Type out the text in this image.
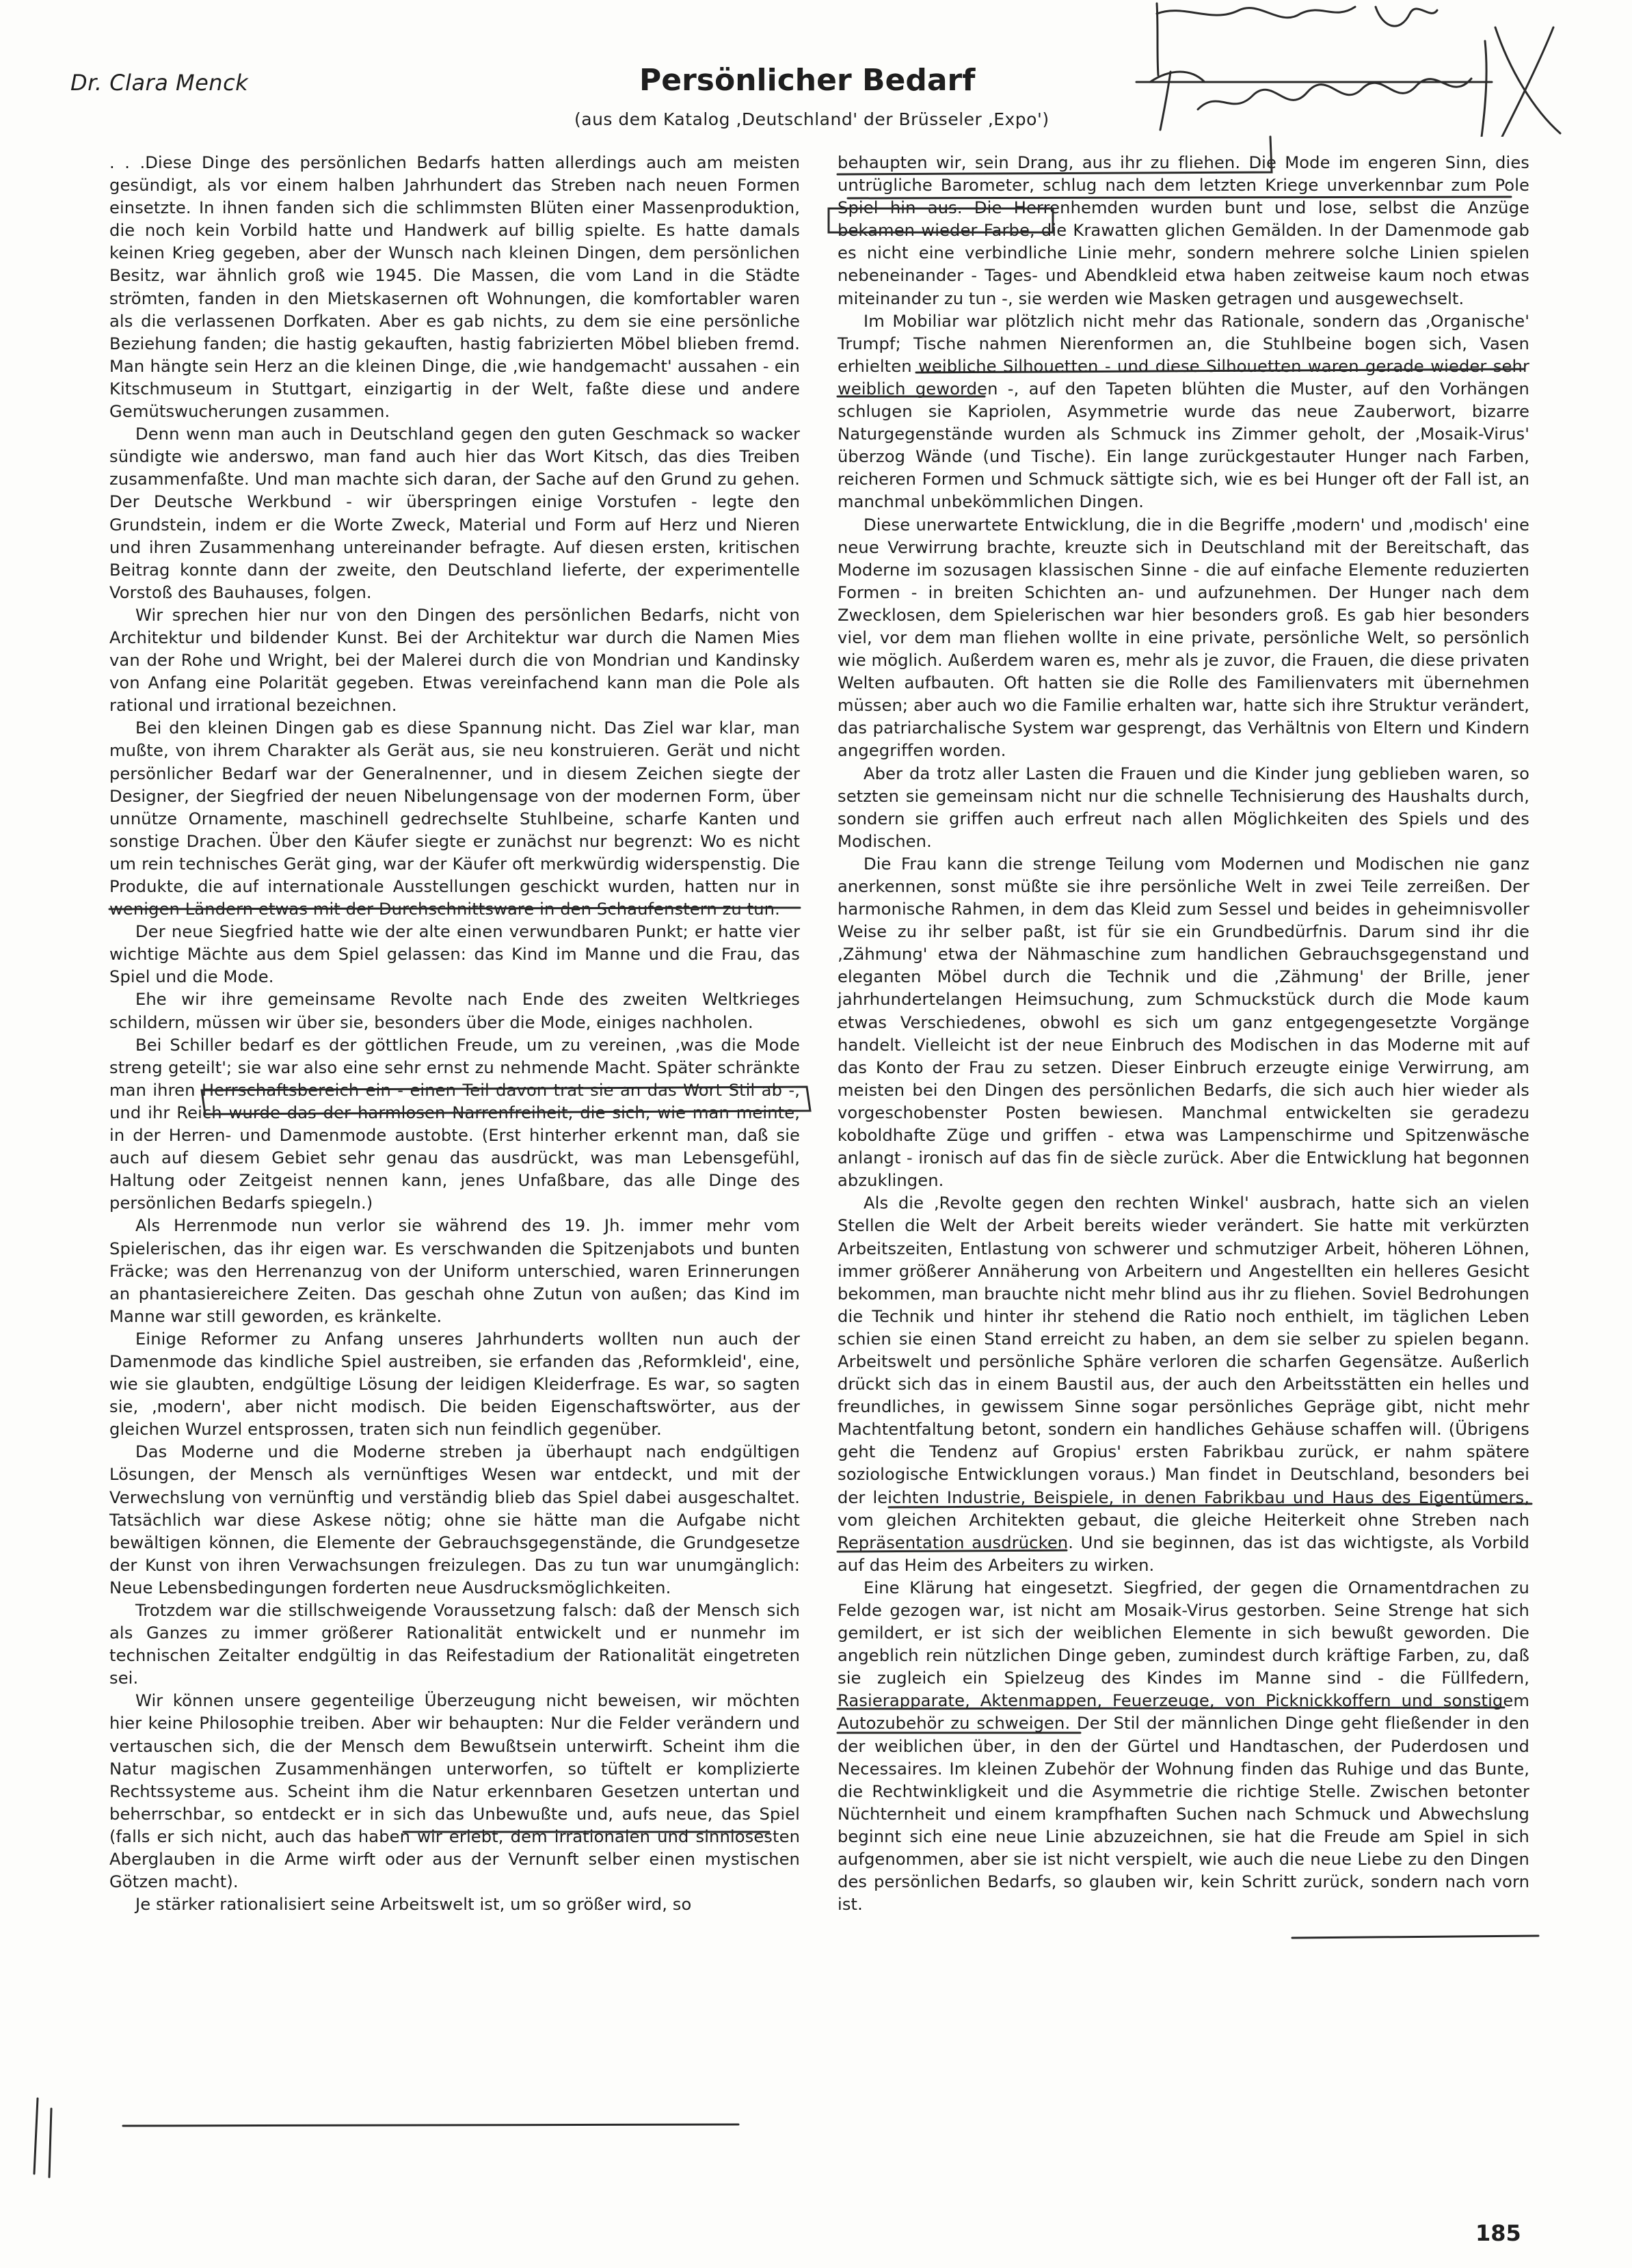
Dr. Clara Menck	Persönlicher Bedarf
(aus dem Katalog ‚Deutschland' der Brüsseler ‚Expo')

. . .Diese Dinge des persönlichen Bedarfs hatten allerdings auch am meisten gesündigt, als vor einem halben Jahrhundert das Streben nach neuen Formen einsetzte. In ihnen fanden sich die schlimmsten Blüten einer Massenproduktion, die noch kein Vorbild hatte und Handwerk auf billig spielte. Es hatte damals keinen Krieg gegeben, aber der Wunsch nach kleinen Dingen, dem persönlichen Besitz, war ähnlich groß wie 1945. Die Massen, die vom Land in die Städte strömten, fanden in den Mietskasernen oft Wohnungen, die komfortabler waren als die verlassenen Dorfkaten. Aber es gab nichts, zu dem sie eine persönliche Beziehung fanden; die hastig gekauften, hastig fabrizierten Möbel blieben fremd. Man hängte sein Herz an die kleinen Dinge, die ‚wie handgemacht' aussahen - ein Kitschmuseum in Stuttgart, einzigartig in der Welt, faßte diese und andere Gemütswucherungen zusammen.

Denn wenn man auch in Deutschland gegen den guten Geschmack so wacker sündigte wie anderswo, man fand auch hier das Wort Kitsch, das dies Treiben zusammenfaßte. Und man machte sich daran, der Sache auf den Grund zu gehen. Der Deutsche Werkbund - wir überspringen einige Vorstufen - legte den Grundstein, indem er die Worte Zweck, Material und Form auf Herz und Nieren und ihren Zusammenhang untereinander befragte. Auf diesen ersten, kritischen Beitrag konnte dann der zweite, den Deutschland lieferte, der experimentelle Vorstoß des Bauhauses, folgen.

Wir sprechen hier nur von den Dingen des persönlichen Bedarfs, nicht von Architektur und bildender Kunst. Bei der Architektur war durch die Namen Mies van der Rohe und Wright, bei der Malerei durch die von Mondrian und Kandinsky von Anfang eine Polarität gegeben. Etwas vereinfachend kann man die Pole als rational und irrational bezeichnen.

Bei den kleinen Dingen gab es diese Spannung nicht. Das Ziel war klar, man mußte, von ihrem Charakter als Gerät aus, sie neu konstruieren. Gerät und nicht persönlicher Bedarf war der Generalnenner, und in diesem Zeichen siegte der Designer, der Siegfried der neuen Nibelungensage von der modernen Form, über unnütze Ornamente, maschinell gedrechselte Stuhlbeine, scharfe Kanten und sonstige Drachen. Über den Käufer siegte er zunächst nur begrenzt: Wo es nicht um rein technisches Gerät ging, war der Käufer oft merkwürdig widerspenstig. Die Produkte, die auf internationale Ausstellungen geschickt wurden, hatten nur in wenigen Ländern etwas mit der Durchschnittsware in den Schaufenstern zu tun.

Der neue Siegfried hatte wie der alte einen verwundbaren Punkt; er hatte vier wichtige Mächte aus dem Spiel gelassen: das Kind im Manne und die Frau, das Spiel und die Mode.

Ehe wir ihre gemeinsame Revolte nach Ende des zweiten Weltkrieges schildern, müssen wir über sie, besonders über die Mode, einiges nachholen.

Bei Schiller bedarf es der göttlichen Freude, um zu vereinen, ‚was die Mode streng geteilt'; sie war also eine sehr ernst zu nehmende Macht. Später schränkte man ihren Herrschaftsbereich ein - einen Teil davon trat sie an das Wort Stil ab -, und ihr Reich wurde das der harmlosen Narrenfreiheit, die sich, wie man meinte, in der Herren- und Damenmode austobte. (Erst hinterher erkennt man, daß sie auch auf diesem Gebiet sehr genau das ausdrückt, was man Lebensgefühl, Haltung oder Zeitgeist nennen kann, jenes Unfaßbare, das alle Dinge des persönlichen Bedarfs spiegeln.)

Als Herrenmode nun verlor sie während des 19. Jh. immer mehr vom Spielerischen, das ihr eigen war. Es verschwanden die Spitzenjabots und bunten Fräcke; was den Herrenanzug von der Uniform unterschied, waren Erinnerungen an phantasiereichere Zeiten. Das geschah ohne Zutun von außen; das Kind im Manne war still geworden, es kränkelte.

Einige Reformer zu Anfang unseres Jahrhunderts wollten nun auch der Damenmode das kindliche Spiel austreiben, sie erfanden das ‚Reformkleid', eine, wie sie glaubten, endgültige Lösung der leidigen Kleiderfrage. Es war, so sagten sie, ‚modern', aber nicht modisch. Die beiden Eigenschaftswörter, aus der gleichen Wurzel entsprossen, traten sich nun feindlich gegenüber.

Das Moderne und die Moderne streben ja überhaupt nach endgültigen Lösungen, der Mensch als vernünftiges Wesen war entdeckt, und mit der Verwechslung von vernünftig und verständig blieb das Spiel dabei ausgeschaltet. Tatsächlich war diese Askese nötig; ohne sie hätte man die Aufgabe nicht bewältigen können, die Elemente der Gebrauchsgegenstände, die Grundgesetze der Kunst von ihren Verwachsungen freizulegen. Das zu tun war unumgänglich: Neue Lebensbedingungen forderten neue Ausdrucksmöglichkeiten.

Trotzdem war die stillschweigende Voraussetzung falsch: daß der Mensch sich als Ganzes zu immer größerer Rationalität entwickelt und er nunmehr im technischen Zeitalter endgültig in das Reifestadium der Rationalität eingetreten sei.

Wir können unsere gegenteilige Überzeugung nicht beweisen, wir möchten hier keine Philosophie treiben. Aber wir behaupten: Nur die Felder verändern und vertauschen sich, die der Mensch dem Bewußtsein unterwirft. Scheint ihm die Natur magischen Zusammenhängen unterworfen, so tüftelt er komplizierte Rechtssysteme aus. Scheint ihm die Natur erkennbaren Gesetzen untertan und beherrschbar, so entdeckt er in sich das Unbewußte und, aufs neue, das Spiel (falls er sich nicht, auch das haben wir erlebt, dem irrationalen und sinnlosesten Aberglauben in die Arme wirft oder aus der Vernunft selber einen mystischen Götzen macht).

Je stärker rationalisiert seine Arbeitswelt ist, um so größer wird, so

behaupten wir, sein Drang, aus ihr zu fliehen. Die Mode im engeren Sinn, dies untrügliche Barometer, schlug nach dem letzten Kriege unverkennbar zum Pole Spiel hin aus. Die Herrenhemden wurden bunt und lose, selbst die Anzüge bekamen wieder Farbe, die Krawatten glichen Gemälden. In der Damenmode gab es nicht eine verbindliche Linie mehr, sondern mehrere solche Linien spielen nebeneinander - Tages- und Abendkleid etwa haben zeitweise kaum noch etwas miteinander zu tun -, sie werden wie Masken getragen und ausgewechselt.

Im Mobiliar war plötzlich nicht mehr das Rationale, sondern das ‚Organische' Trumpf; Tische nahmen Nierenformen an, die Stuhlbeine bogen sich, Vasen erhielten weibliche Silhouetten - und diese Silhouetten waren gerade wieder sehr weiblich geworden -, auf den Tapeten blühten die Muster, auf den Vorhängen schlugen sie Kapriolen, Asymmetrie wurde das neue Zauberwort, bizarre Naturgegenstände wurden als Schmuck ins Zimmer geholt, der ‚Mosaik-Virus' überzog Wände (und Tische). Ein lange zurückgestauter Hunger nach Farben, reicheren Formen und Schmuck sättigte sich, wie es bei Hunger oft der Fall ist, an manchmal unbekömmlichen Dingen.

Diese unerwartete Entwicklung, die in die Begriffe ‚modern' und ‚modisch' eine neue Verwirrung brachte, kreuzte sich in Deutschland mit der Bereitschaft, das Moderne im sozusagen klassischen Sinne - die auf einfache Elemente reduzierten Formen - in breiten Schichten an- und aufzunehmen. Der Hunger nach dem Zwecklosen, dem Spielerischen war hier besonders groß. Es gab hier besonders viel, vor dem man fliehen wollte in eine private, persönliche Welt, so persönlich wie möglich. Außerdem waren es, mehr als je zuvor, die Frauen, die diese privaten Welten aufbauten. Oft hatten sie die Rolle des Familienvaters mit übernehmen müssen; aber auch wo die Familie erhalten war, hatte sich ihre Struktur verändert, das patriarchalische System war gesprengt, das Verhältnis von Eltern und Kindern angegriffen worden.

Aber da trotz aller Lasten die Frauen und die Kinder jung geblieben waren, so setzten sie gemeinsam nicht nur die schnelle Technisierung des Haushalts durch, sondern sie griffen auch erfreut nach allen Möglichkeiten des Spiels und des Modischen.

Die Frau kann die strenge Teilung vom Modernen und Modischen nie ganz anerkennen, sonst müßte sie ihre persönliche Welt in zwei Teile zerreißen. Der harmonische Rahmen, in dem das Kleid zum Sessel und beides in geheimnisvoller Weise zu ihr selber paßt, ist für sie ein Grundbedürfnis. Darum sind ihr die ‚Zähmung' etwa der Nähmaschine zum handlichen Gebrauchsgegenstand und eleganten Möbel durch die Technik und die ‚Zähmung' der Brille, jener jahrhundertelangen Heimsuchung, zum Schmuckstück durch die Mode kaum etwas Verschiedenes, obwohl es sich um ganz entgegengesetzte Vorgänge handelt. Vielleicht ist der neue Einbruch des Modischen in das Moderne mit auf das Konto der Frau zu setzen. Dieser Einbruch erzeugte einige Verwirrung, am meisten bei den Dingen des persönlichen Bedarfs, die sich auch hier wieder als vorgeschobenster Posten bewiesen. Manchmal entwickelten sie geradezu koboldhafte Züge und griffen - etwa was Lampenschirme und Spitzenwäsche anlangt - ironisch auf das fin de siècle zurück. Aber die Entwicklung hat begonnen abzuklingen.

Als die ‚Revolte gegen den rechten Winkel' ausbrach, hatte sich an vielen Stellen die Welt der Arbeit bereits wieder verändert. Sie hatte mit verkürzten Arbeitszeiten, Entlastung von schwerer und schmutziger Arbeit, höheren Löhnen, immer größerer Annäherung von Arbeitern und Angestellten ein helleres Gesicht bekommen, man brauchte nicht mehr blind aus ihr zu fliehen. Soviel Bedrohungen die Technik und hinter ihr stehend die Ratio noch enthielt, im täglichen Leben schien sie einen Stand erreicht zu haben, an dem sie selber zu spielen begann. Arbeitswelt und persönliche Sphäre verloren die scharfen Gegensätze. Außerlich drückt sich das in einem Baustil aus, der auch den Arbeitsstätten ein helles und freundliches, in gewissem Sinne sogar persönliches Gepräge gibt, nicht mehr Machtentfaltung betont, sondern ein handliches Gehäuse schaffen will. (Übrigens geht die Tendenz auf Gropius' ersten Fabrikbau zurück, er nahm spätere soziologische Entwicklungen voraus.) Man findet in Deutschland, besonders bei der leichten Industrie, Beispiele, in denen Fabrikbau und Haus des Eigentümers, vom gleichen Architekten gebaut, die gleiche Heiterkeit ohne Streben nach Repräsentation ausdrücken. Und sie beginnen, das ist das wichtigste, als Vorbild auf das Heim des Arbeiters zu wirken.

Eine Klärung hat eingesetzt. Siegfried, der gegen die Ornamentdrachen zu Felde gezogen war, ist nicht am Mosaik-Virus gestorben. Seine Strenge hat sich gemildert, er ist sich der weiblichen Elemente in sich bewußt geworden. Die angeblich rein nützlichen Dinge geben, zumindest durch kräftige Farben, zu, daß sie zugleich ein Spielzeug des Kindes im Manne sind - die Füllfedern, Rasierapparate, Aktenmappen, Feuerzeuge, von Picknickkoffern und sonstigem Autozubehör zu schweigen. Der Stil der männlichen Dinge geht fließender in den der weiblichen über, in den der Gürtel und Handtaschen, der Puderdosen und Necessaires. Im kleinen Zubehör der Wohnung finden das Ruhige und das Bunte, die Rechtwinkligkeit und die Asymmetrie die richtige Stelle. Zwischen betonter Nüchternheit und einem krampfhaften Suchen nach Schmuck und Abwechslung beginnt sich eine neue Linie abzuzeichnen, sie hat die Freude am Spiel in sich aufgenommen, aber sie ist nicht verspielt, wie auch die neue Liebe zu den Dingen des persönlichen Bedarfs, so glauben wir, kein Schritt zurück, sondern nach vorn ist.

185
